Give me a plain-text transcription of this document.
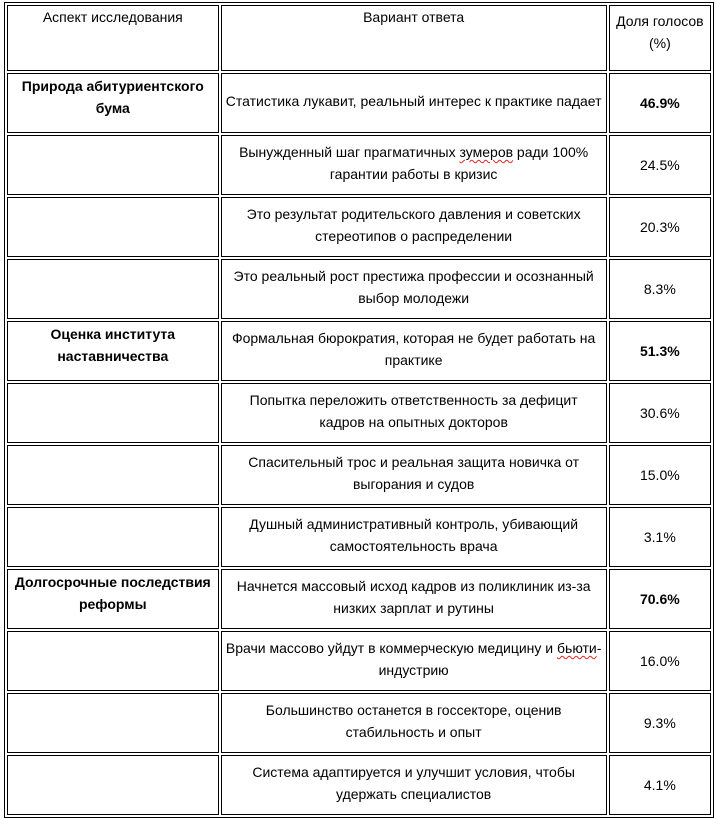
Аспект исследования	Вариант ответа	Доля голосов (%)
Природа абитуриентского бума	Статистика лукавит, реальный интерес к практике падает	46.9%
	Вынужденный шаг прагматичных зумеров ради 100% гарантии работы в кризис	24.5%
	Это результат родительского давления и советских стереотипов о распределении	20.3%
	Это реальный рост престижа профессии и осознанный выбор молодежи	8.3%
Оценка института наставничества	Формальная бюрократия, которая не будет работать на практике	51.3%
	Попытка переложить ответственность за дефицит кадров на опытных докторов	30.6%
	Спасительный трос и реальная защита новичка от выгорания и судов	15.0%
	Душный административный контроль, убивающий самостоятельность врача	3.1%
Долгосрочные последствия реформы	Начнется массовый исход кадров из поликлиник из-за низких зарплат и рутины	70.6%
	Врачи массово уйдут в коммерческую медицину и бьюти-индустрию	16.0%
	Большинство останется в госсекторе, оценив стабильность и опыт	9.3%
	Система адаптируется и улучшит условия, чтобы удержать специалистов	4.1%
